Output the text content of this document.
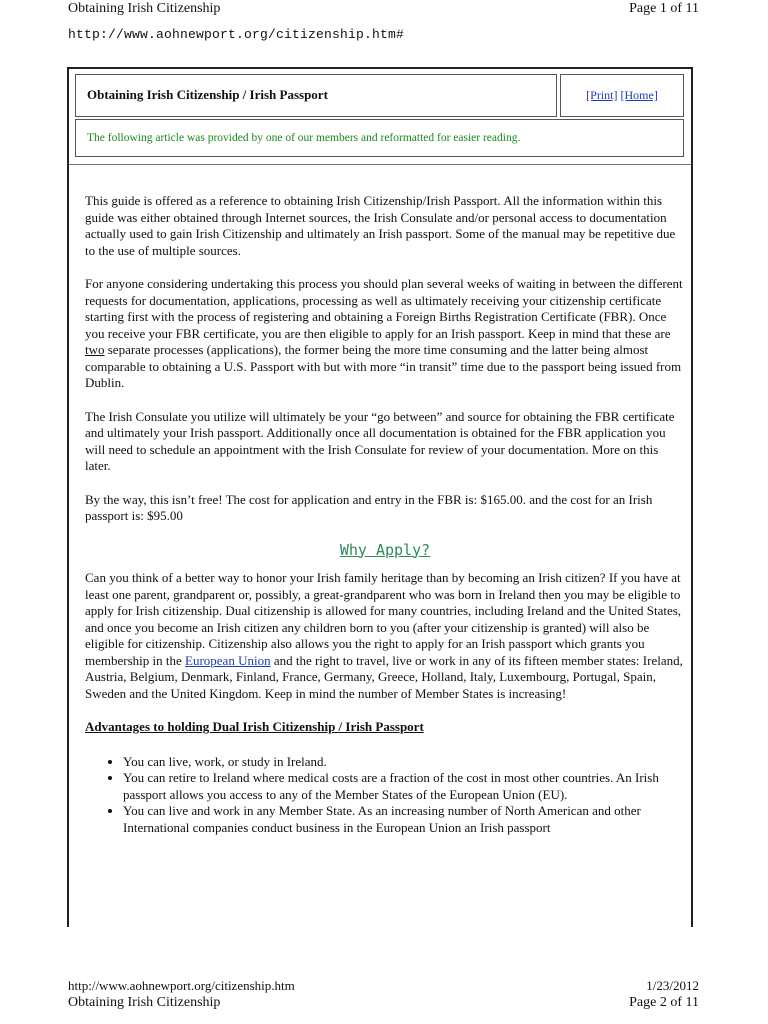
Obtaining Irish Citizenship	Page 1 of 11
http://www.aohnewport.org/citizenship.htm#
Obtaining Irish Citizenship / Irish Passport	[Print] [Home]
The following article was provided by one of our members and reformatted for easier reading.

This guide is offered as a reference to obtaining Irish Citizenship/Irish Passport. All the information within this guide was either obtained through Internet sources, the Irish Consulate and/or personal access to documentation actually used to gain Irish Citizenship and ultimately an Irish passport. Some of the manual may be repetitive due to the use of multiple sources.

For anyone considering undertaking this process you should plan several weeks of waiting in between the different requests for documentation, applications, processing as well as ultimately receiving your citizenship certificate starting first with the process of registering and obtaining a Foreign Births Registration Certificate (FBR). Once you receive your FBR certificate, you are then eligible to apply for an Irish passport. Keep in mind that these are two separate processes (applications), the former being the more time consuming and the latter being almost comparable to obtaining a U.S. Passport with but with more “in transit” time due to the passport being issued from Dublin.

The Irish Consulate you utilize will ultimately be your “go between” and source for obtaining the FBR certificate and ultimately your Irish passport. Additionally once all documentation is obtained for the FBR application you will need to schedule an appointment with the Irish Consulate for review of your documentation. More on this later.

By the way, this isn’t free! The cost for application and entry in the FBR is: $165.00. and the cost for an Irish passport is: $95.00

Why Apply?

Can you think of a better way to honor your Irish family heritage than by becoming an Irish citizen? If you have at least one parent, grandparent or, possibly, a great-grandparent who was born in Ireland then you may be eligible to apply for Irish citizenship. Dual citizenship is allowed for many countries, including Ireland and the United States, and once you become an Irish citizen any children born to you (after your citizenship is granted) will also be eligible for citizenship. Citizenship also allows you the right to apply for an Irish passport which grants you membership in the European Union and the right to travel, live or work in any of its fifteen member states: Ireland, Austria, Belgium, Denmark, Finland, France, Germany, Greece, Holland, Italy, Luxembourg, Portugal, Spain, Sweden and the United Kingdom. Keep in mind the number of Member States is increasing!

Advantages to holding Dual Irish Citizenship / Irish Passport
• You can live, work, or study in Ireland.
• You can retire to Ireland where medical costs are a fraction of the cost in most other countries. An Irish passport allows you access to any of the Member States of the European Union (EU).
• You can live and work in any Member State. As an increasing number of North American and other International companies conduct business in the European Union an Irish passport
http://www.aohnewport.org/citizenship.htm	1/23/2012
Obtaining Irish Citizenship	Page 2 of 11
